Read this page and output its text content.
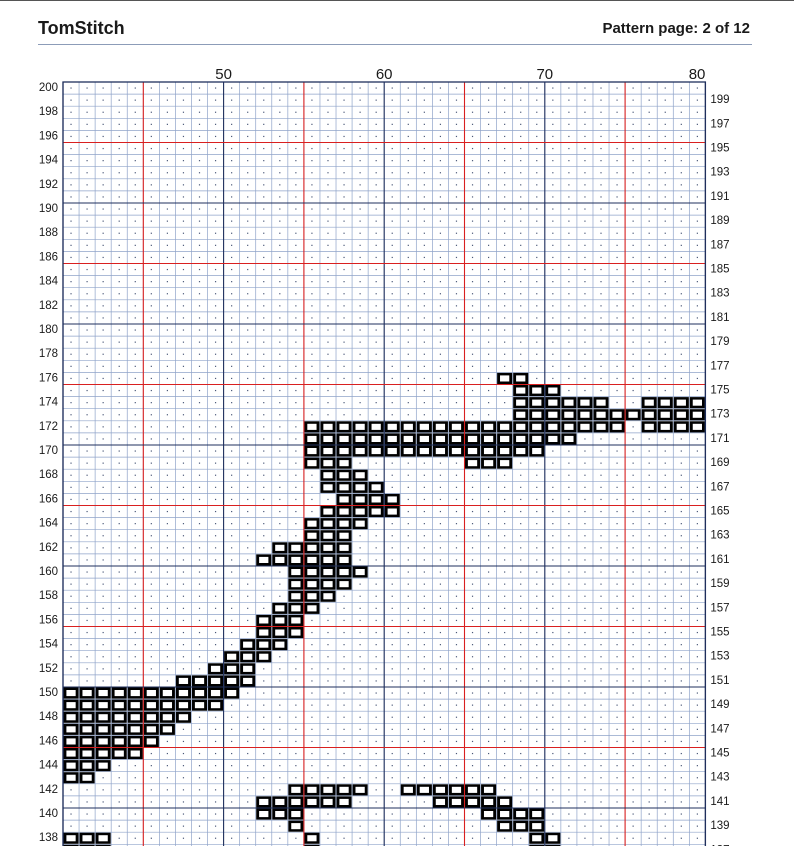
TomStitch	Pattern page: 2 of 12
50	60	70	80
200
198
196
194
192
190
188
186
184
182
180
178
176
174
172
170
168
166
164
162
160
158
156
154
152
150
148
146
144
142
140
138
199
197
195
193
191
189
187
185
183
181
179
177
175
173
171
169
167
165
163
161
159
157
155
153
151
149
147
145
143
141
139
